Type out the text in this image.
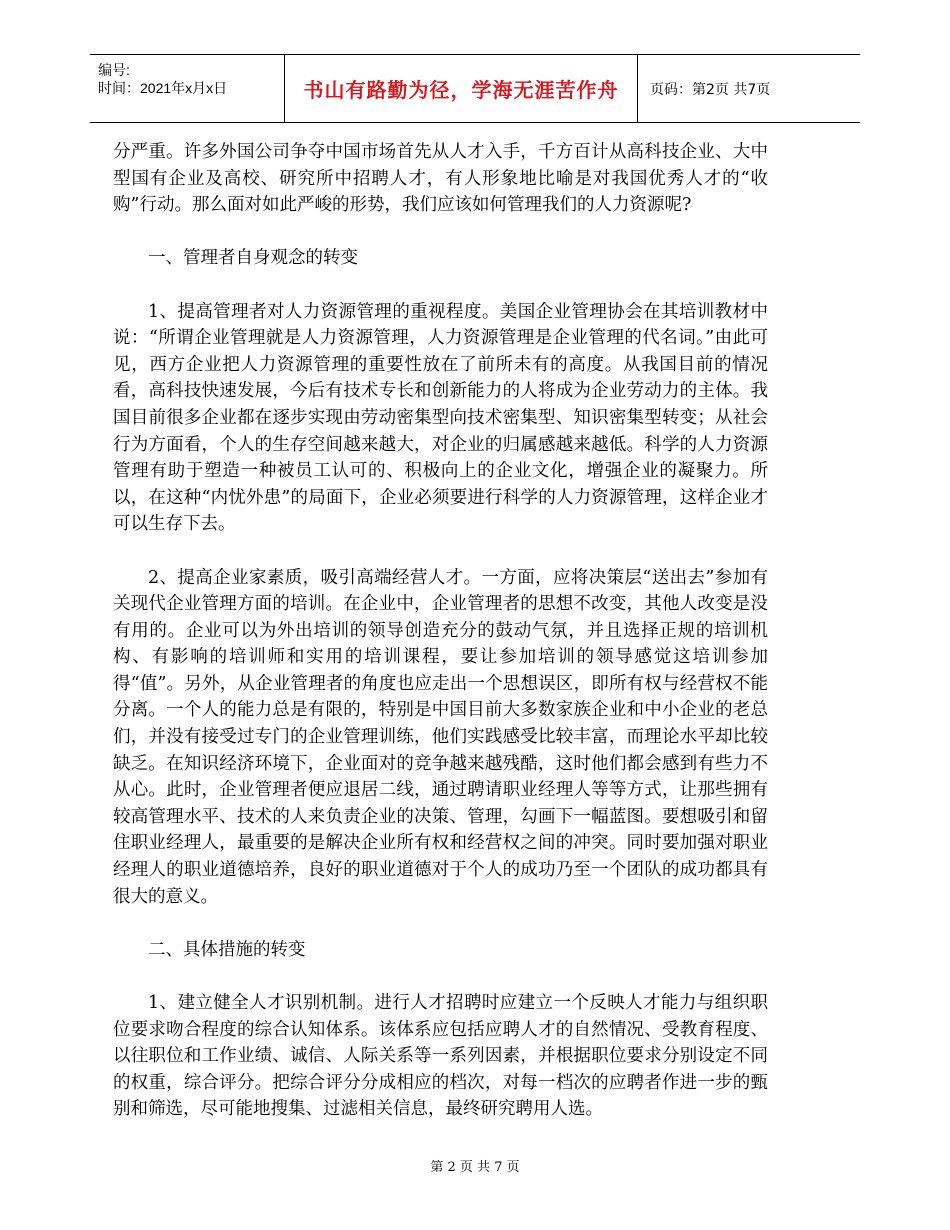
编号:
时间：2021年x月x日	书山有路勤为径，学海无涯苦作舟 页码：第2页 共7页

分严重。许多外国公司争夺中国市场首先从人才入手，千方百计从高科技企业、大中型国有企业及高校、研究所中招聘人才，有人形象地比喻是对我国优秀人才的“收购”行动。那么面对如此严峻的形势，我们应该如何管理我们的人力资源呢?

一、管理者自身观念的转变

1、提高管理者对人力资源管理的重视程度。美国企业管理协会在其培训教材中说：“所谓企业管理就是人力资源管理，人力资源管理是企业管理的代名词。”由此可见，西方企业把人力资源管理的重要性放在了前所未有的高度。从我国目前的情况看，高科技快速发展，今后有技术专长和创新能力的人将成为企业劳动力的主体。我国目前很多企业都在逐步实现由劳动密集型向技术密集型、知识密集型转变；从社会行为方面看，个人的生存空间越来越大，对企业的归属感越来越低。科学的人力资源管理有助于塑造一种被员工认可的、积极向上的企业文化，增强企业的凝聚力。所以，在这种“内忧外患”的局面下，企业必须要进行科学的人力资源管理，这样企业才可以生存下去。

2、提高企业家素质，吸引高端经营人才。一方面，应将决策层“送出去”参加有关现代企业管理方面的培训。在企业中，企业管理者的思想不改变，其他人改变是没有用的。企业可以为外出培训的领导创造充分的鼓动气氛，并且选择正规的培训机构、有影响的培训师和实用的培训课程，要让参加培训的领导感觉这培训参加得“值”。另外，从企业管理者的角度也应走出一个思想误区，即所有权与经营权不能分离。一个人的能力总是有限的，特别是中国目前大多数家族企业和中小企业的老总们，并没有接受过专门的企业管理训练，他们实践感受比较丰富，而理论水平却比较缺乏。在知识经济环境下，企业面对的竞争越来越残酷，这时他们都会感到有些力不从心。此时，企业管理者便应退居二线，通过聘请职业经理人等等方式，让那些拥有较高管理水平、技术的人来负责企业的决策、管理，勾画下一幅蓝图。要想吸引和留住职业经理人，最重要的是解决企业所有权和经营权之间的冲突。同时要加强对职业经理人的职业道德培养，良好的职业道德对于个人的成功乃至一个团队的成功都具有很大的意义。

二、具体措施的转变

1、建立健全人才识别机制。进行人才招聘时应建立一个反映人才能力与组织职位要求吻合程度的综合认知体系。该体系应包括应聘人才的自然情况、受教育程度、以往职位和工作业绩、诚信、人际关系等一系列因素，并根据职位要求分别设定不同的权重，综合评分。把综合评分分成相应的档次，对每一档次的应聘者作进一步的甄别和筛选，尽可能地搜集、过滤相关信息，最终研究聘用人选。

第 2 页 共 7 页
